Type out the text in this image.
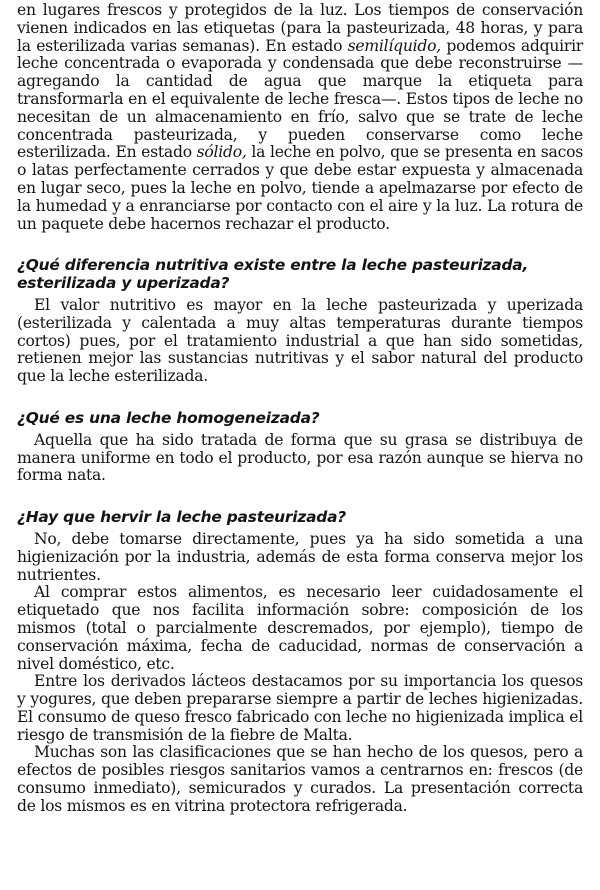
en lugares frescos y protegidos de la luz. Los tiempos de conservación vienen indicados en las etiquetas (para la pasteurizada, 48 horas, y para la esterilizada varias semanas). En estado semilíquido, podemos adquirir leche concentrada o evaporada y condensada que debe reconstruirse —agregando la cantidad de agua que marque la etiqueta para transformarla en el equivalente de leche fresca—. Estos tipos de leche no necesitan de un almacenamiento en frío, salvo que se trate de leche concentrada pasteurizada, y pueden conservarse como leche esterilizada. En estado sólido, la leche en polvo, que se presenta en sacos o latas perfectamente cerrados y que debe estar expuesta y almacenada en lugar seco, pues la leche en polvo, tiende a apelmazarse por efecto de la humedad y a enranciarse por contacto con el aire y la luz. La rotura de un paquete debe hacernos rechazar el producto.

¿Qué diferencia nutritiva existe entre la leche pasteurizada, esterilizada y uperizada?

El valor nutritivo es mayor en la leche pasteurizada y uperizada (esterilizada y calentada a muy altas temperaturas durante tiempos cortos) pues, por el tratamiento industrial a que han sido sometidas, retienen mejor las sustancias nutritivas y el sabor natural del producto que la leche esterilizada.

¿Qué es una leche homogeneizada?

Aquella que ha sido tratada de forma que su grasa se distribuya de manera uniforme en todo el producto, por esa razón aunque se hierva no forma nata.

¿Hay que hervir la leche pasteurizada?

No, debe tomarse directamente, pues ya ha sido sometida a una higienización por la industria, además de esta forma conserva mejor los nutrientes.

Al comprar estos alimentos, es necesario leer cuidadosamente el etiquetado que nos facilita información sobre: composición de los mismos (total o parcialmente descremados, por ejemplo), tiempo de conservación máxima, fecha de caducidad, normas de conservación a nivel doméstico, etc.

Entre los derivados lácteos destacamos por su importancia los quesos y yogures, que deben prepararse siempre a partir de leches higienizadas. El consumo de queso fresco fabricado con leche no higienizada implica el riesgo de transmisión de la fiebre de Malta.

Muchas son las clasificaciones que se han hecho de los quesos, pero a efectos de posibles riesgos sanitarios vamos a centrarnos en: frescos (de consumo inmediato), semicurados y curados. La presentación correcta de los mismos es en vitrina protectora refrigerada.
